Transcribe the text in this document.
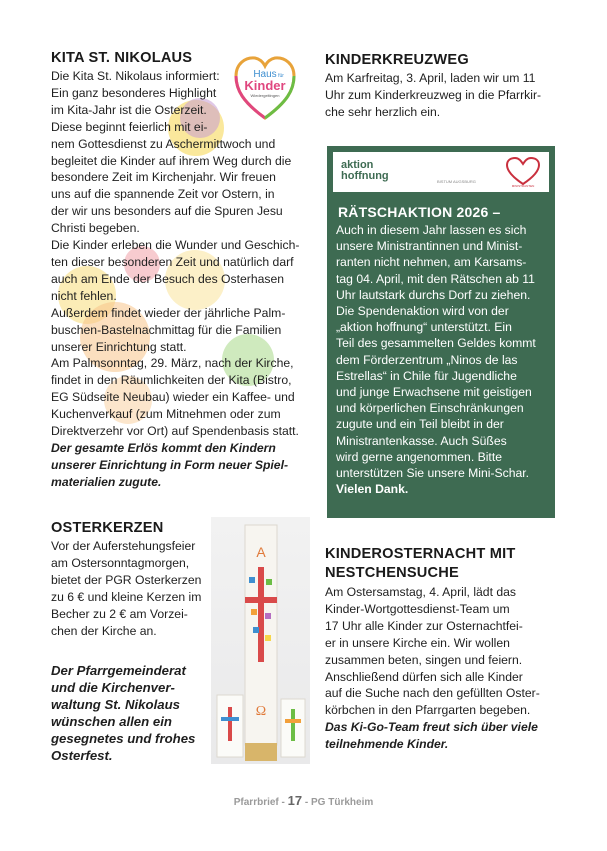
KITA ST. NIKOLAUS
Haus für
Kinder
Wiedergeltingen

Die Kita St. Nikolaus informiert:

Ein ganz besonderes Highlight

im Kita-Jahr ist die Osterzeit.

Diese beginnt feierlich mit ei-

nem Gottesdienst zu Aschermittwoch und

begleitet die Kinder auf ihrem Weg durch die

besondere Zeit im Kirchenjahr. Wir freuen

uns auf die spannende Zeit vor Ostern, in

der wir uns besonders auf die Spuren Jesu

Christi begeben.

Die Kinder erleben die Wunder und Geschich-

ten dieser besonderen Zeit und natürlich darf

auch am Ende der Besuch des Osterhasen

nicht fehlen.

Außerdem findet wieder der jährliche Palm-

buschen-Bastelnachmittag für die Familien

unserer Einrichtung statt.

Am Palmsonntag, 29. März, nach der Kirche,

findet in den Räumlichkeiten der Kita (Bistro,

EG Südseite Neubau) wieder ein Kaffee- und

Kuchenverkauf (zum Mitnehmen oder zum

Direktverzehr vor Ort) auf Spendenbasis statt.

Der gesamte Erlös kommt den Kindern

unserer Einrichtung in Form neuer Spiel-

materialien zugute.

OSTERKERZEN

Vor der Auferstehungsfeier

am Ostersonntagmorgen,

bietet der PGR Osterkerzen

zu 6 € und kleine Kerzen im

Becher zu 2 € am Vorzei-

chen der Kirche an.

Der Pfarrgemeinderat

und die Kirchenver-

waltung St. Nikolaus

wünschen allen ein

gesegnetes und frohes

Osterfest.

A
Ω
KINDERKREUZWEG

Am Karfreitag, 3. April, laden wir um 11

Uhr zum Kinderkreuzweg in die Pfarrkir-

che sehr herzlich ein.

aktion
hoffnung	BISTUM AUGSBURG
MINISTRANTEN
RÄTSCHAKTION 2026 –
Auch in diesem Jahr lassen es sich
unsere Ministrantinnen und Minist-
ranten nicht nehmen, am Karsams-
tag 04. April, mit den Rätschen ab 11
Uhr lautstark durchs Dorf zu ziehen.
Die Spendenaktion wird von der
„aktion hoffnung“ unterstützt. Ein
Teil des gesammelten Geldes kommt
dem Förderzentrum „Ninos de las
Estrellas“ in Chile für Jugendliche
und junge Erwachsene mit geistigen
und körperlichen Einschränkungen
zugute und ein Teil bleibt in der
Ministrantenkasse. Auch Süßes
wird gerne angenommen. Bitte
unterstützen Sie unsere Mini-Schar.
Vielen Dank.
KINDEROSTERNACHT MIT
NESTCHENSUCHE

Am Ostersamstag, 4. April, lädt das

Kinder-Wortgottesdienst-Team um

17 Uhr alle Kinder zur Osternachtfei-

er in unsere Kirche ein. Wir wollen

zusammen beten, singen und feiern.

Anschließend dürfen sich alle Kinder

auf die Suche nach den gefüllten Oster-

körbchen in den Pfarrgarten begeben.

Das Ki-Go-Team freut sich über viele

teilnehmende Kinder.

Pfarrbrief - 17 - PG Türkheim
